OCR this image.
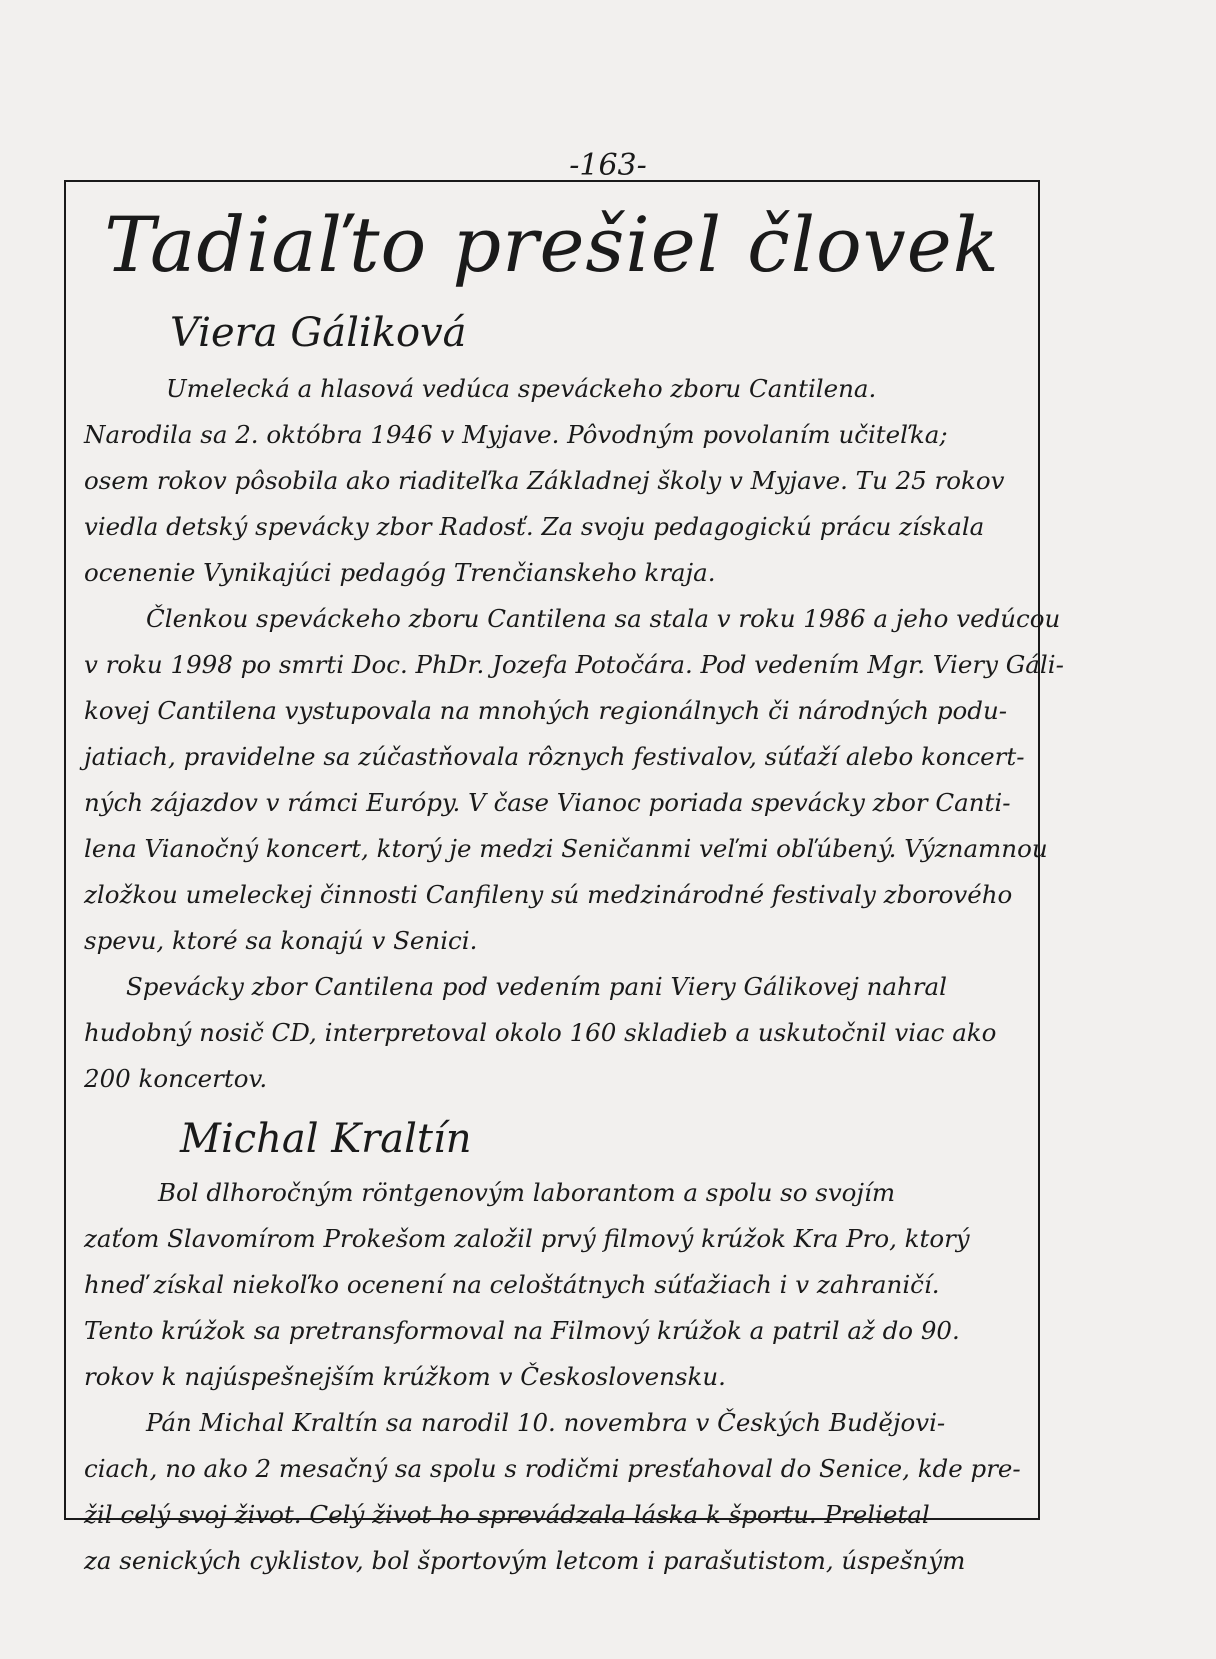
-163-
Tadiaľto prešiel človek
Viera Gáliková
Umelecká a hlasová vedúca speváckeho zboru Cantilena.
Narodila sa 2. októbra 1946 v Myjave. Pôvodným povolaním učiteľka;
osem rokov pôsobila ako riaditeľka Základnej školy v Myjave. Tu 25 rokov
viedla detský spevácky zbor Radosť. Za svoju pedagogickú prácu získala
ocenenie Vynikajúci pedagóg Trenčianskeho kraja.
Členkou speváckeho zboru Cantilena sa stala v roku 1986 a jeho vedúcou
v roku 1998 po smrti Doc. PhDr. Jozefa Potočára. Pod vedením Mgr. Viery Gáli-
kovej Cantilena vystupovala na mnohých regionálnych či národných podu-
jatiach, pravidelne sa zúčastňovala rôznych festivalov, súťaží alebo koncert-
ných zájazdov v rámci Európy. V čase Vianoc poriada spevácky zbor Canti-
lena Vianočný koncert, ktorý je medzi Seničanmi veľmi obľúbený. Významnou
zložkou umeleckej činnosti Canfileny sú medzinárodné festivaly zborového
spevu, ktoré sa konajú v Senici.
Spevácky zbor Cantilena pod vedením pani Viery Gálikovej nahral
hudobný nosič CD, interpretoval okolo 160 skladieb a uskutočnil viac ako
200 koncertov.
Michal Kraltín
Bol dlhoročným röntgenovým laborantom a spolu so svojím
zaťom Slavomírom Prokešom založil prvý filmový krúžok Kra Pro, ktorý
hneď získal niekoľko ocenení na celoštátnych súťažiach i v zahraničí.
Tento krúžok sa pretransformoval na Filmový krúžok a patril až do 90.
rokov k najúspešnejším krúžkom v Československu.
Pán Michal Kraltín sa narodil 10. novembra v Českých Budějovi-
ciach, no ako 2 mesačný sa spolu s rodičmi presťahoval do Senice, kde pre-
žil celý svoj život. Celý život ho sprevádzala láska k športu. Prelietal
za senických cyklistov, bol športovým letcom i parašutistom, úspešným
